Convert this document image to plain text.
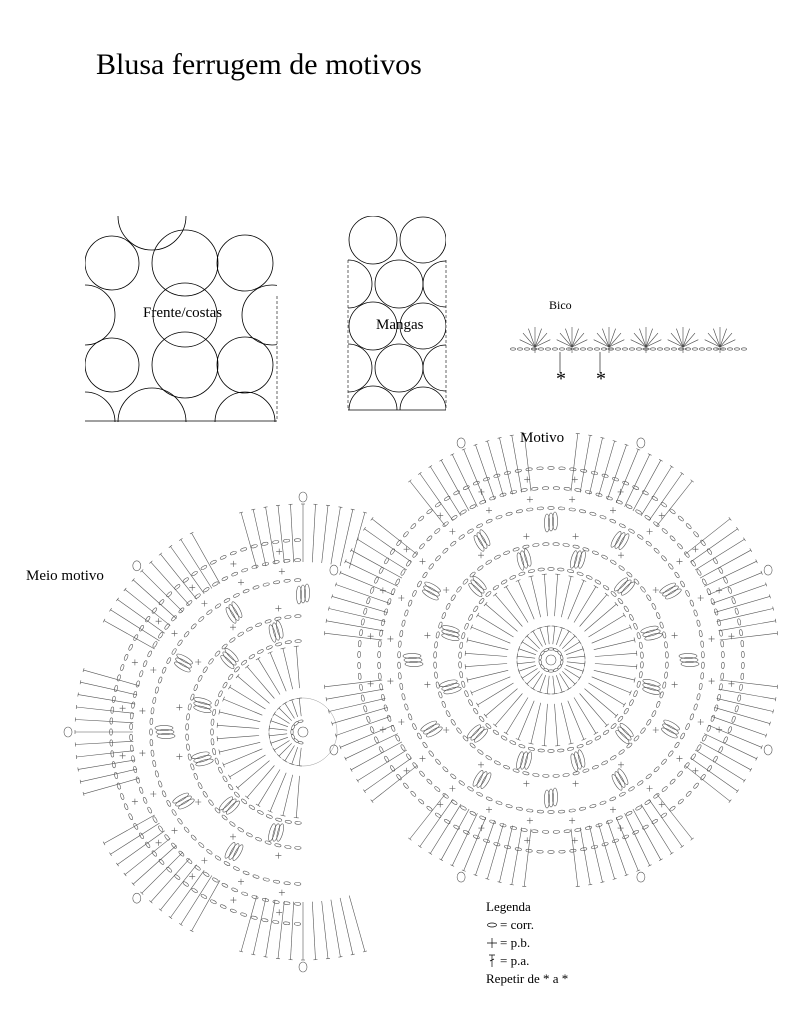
Blusa ferrugem de motivos
Frente/costas
Mangas
Bico
* *
Motivo
Meio motivo
Legenda
= corr.
= p.b.
= p.a.
Repetir de * a *
